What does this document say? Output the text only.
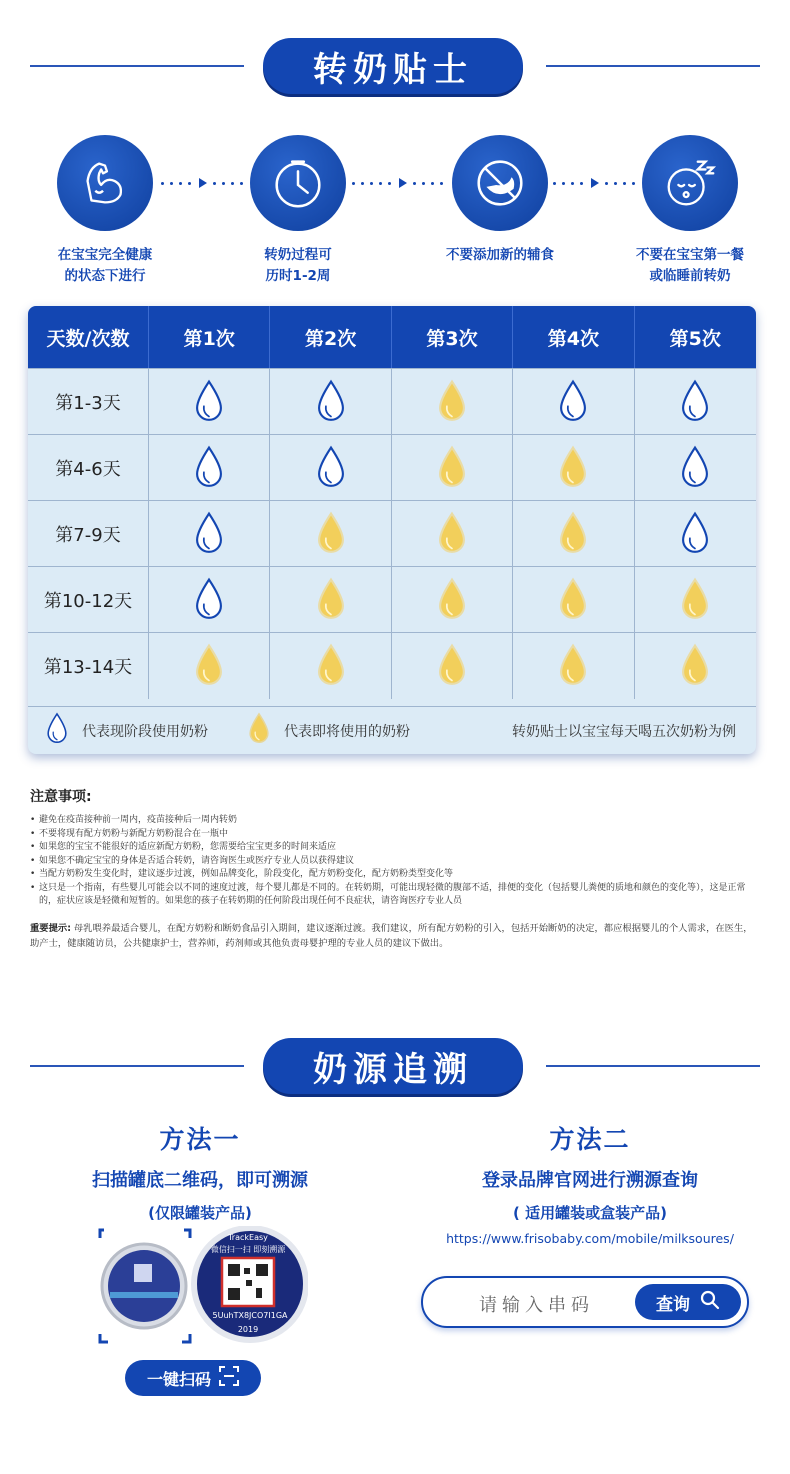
转奶贴士
在宝宝完全健康
的状态下进行
转奶过程可
历时1-2周
不要添加新的辅食	不要在宝宝第一餐
或临睡前转奶
天数/次数	第1次	第2次	第3次	第4次	第5次
第1-3天
第4-6天
第7-9天
第10-12天
第13-14天
代表现阶段使用奶粉	代表即将使用的奶粉	转奶贴士以宝宝每天喝五次奶粉为例
注意事项:
• 避免在疫苗接种前一周内，疫苗接种后一周内转奶
• 不要将现有配方奶粉与新配方奶粉混合在一瓶中
• 如果您的宝宝不能很好的适应新配方奶粉，您需要给宝宝更多的时间来适应
• 如果您不确定宝宝的身体是否适合转奶，请咨询医生或医疗专业人员以获得建议
• 当配方奶粉发生变化时，建议逐步过渡，例如品牌变化，阶段变化，配方奶粉变化，配方奶粉类型变化等
• 这只是一个指南，有些婴儿可能会以不同的速度过渡，每个婴儿都是不同的。在转奶期，可能出现轻微的腹部不适，排便的变化（包括婴儿粪便的质地和颜色的变化等），这是正常的，症状应该是轻微和短暂的。如果您的孩子在转奶期的任何阶段出现任何不良症状，请咨询医疗专业人员
重要提示: 母乳喂养最适合婴儿，在配方奶粉和断奶食品引入期间，建议逐渐过渡。我们建议，所有配方奶粉的引入，包括开始断奶的决定，都应根据婴儿的个人需求，在医生，助产士，健康随访员，公共健康护士，营养师，药剂师或其他负责母婴护理的专业人员的建议下做出。
奶源追溯
方法一
扫描罐底二维码，即可溯源
(仅限罐装产品)
方法二
登录品牌官网进行溯源查询
( 适用罐装或盒装产品)
https://www.frisobaby.com/mobile/milksoures/
TrackEasy
微信扫一扫 即刻溯源
5UuhTX8JCO7I1GA
2019
一键扫码
请输入串码	查询
